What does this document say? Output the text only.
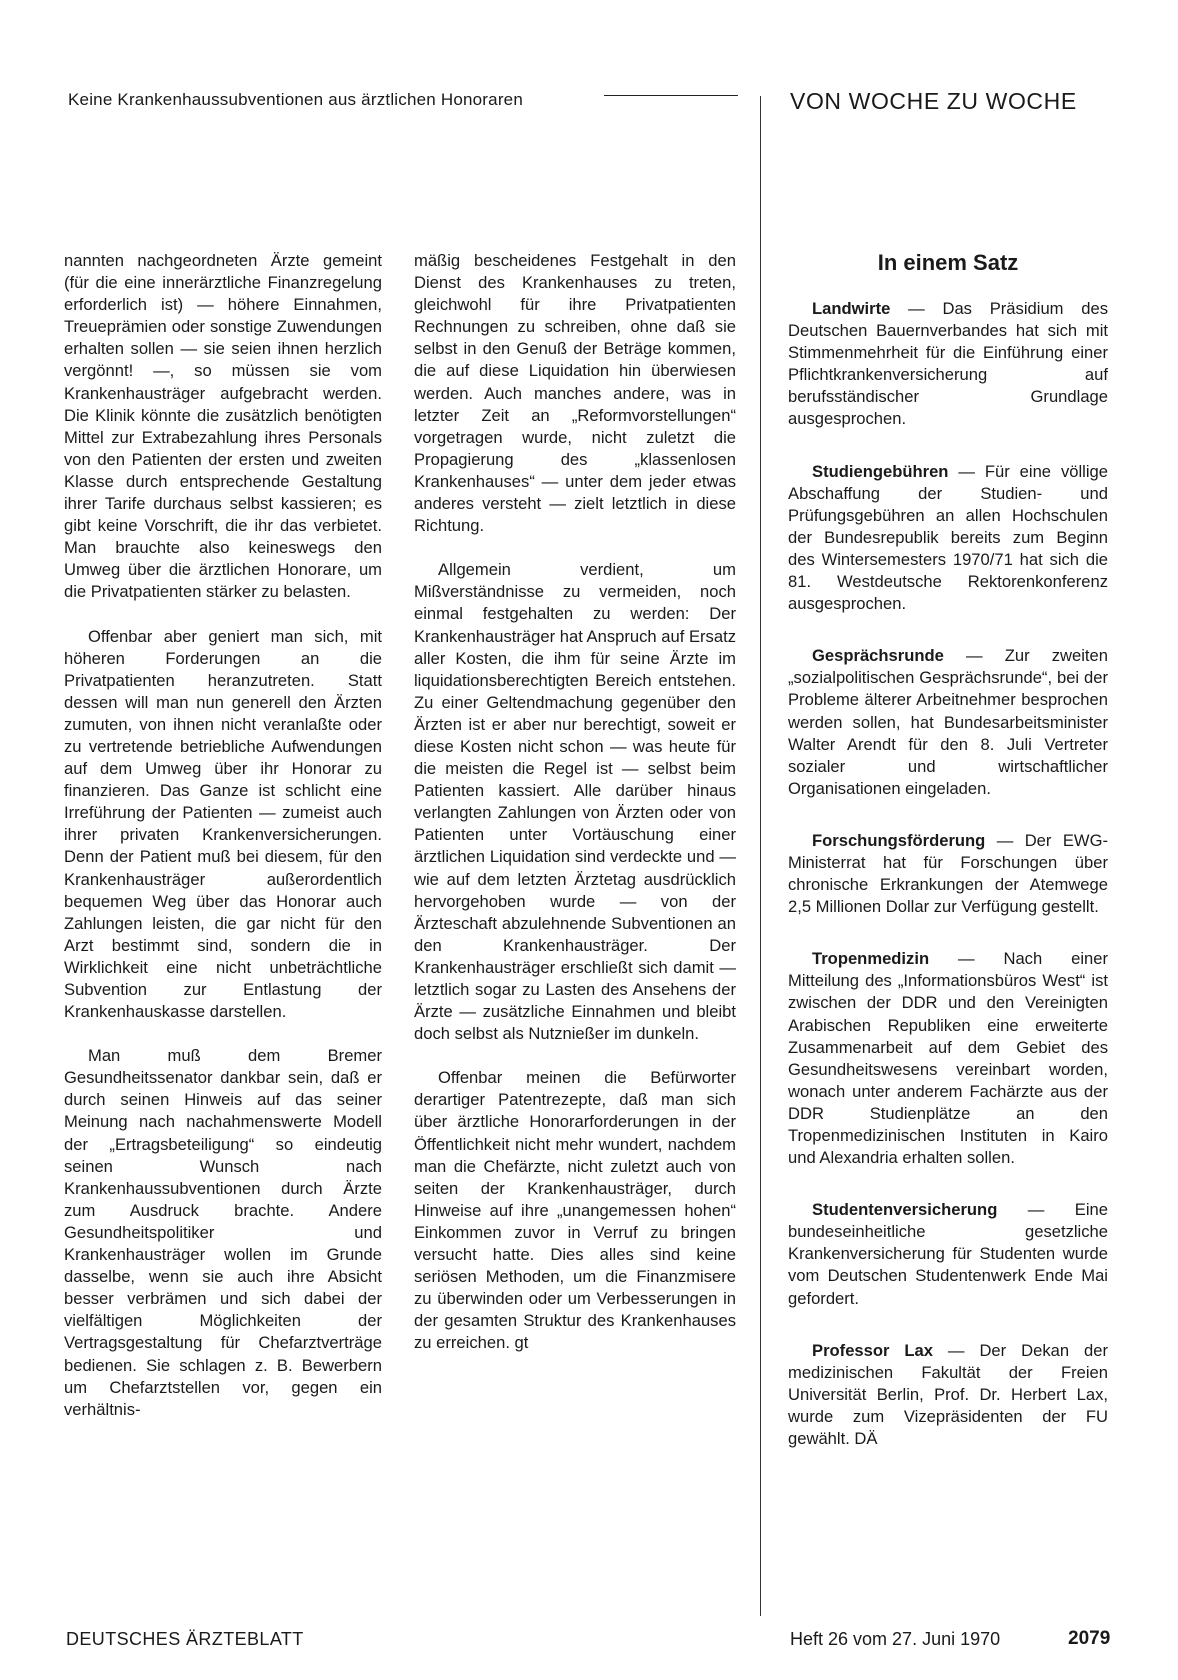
Keine Krankenhaussubventionen aus ärztlichen Honoraren	VON WOCHE ZU WOCHE

nannten nachgeordneten Ärzte gemeint (für die eine innerärztliche Finanzregelung erforderlich ist) — höhere Einnahmen, Treueprämien oder sonstige Zuwendungen erhalten sollen — sie seien ihnen herzlich vergönnt! —, so müssen sie vom Krankenhausträger aufgebracht werden. Die Klinik könnte die zusätzlich benötigten Mittel zur Extrabezahlung ihres Personals von den Patienten der ersten und zweiten Klasse durch entsprechende Gestaltung ihrer Tarife durchaus selbst kassieren; es gibt keine Vorschrift, die ihr das verbietet. Man brauchte also keineswegs den Umweg über die ärztlichen Honorare, um die Privatpatienten stärker zu belasten.

Offenbar aber geniert man sich, mit höheren Forderungen an die Privatpatienten heranzutreten. Statt dessen will man nun generell den Ärzten zumuten, von ihnen nicht veranlaßte oder zu vertretende betriebliche Aufwendungen auf dem Umweg über ihr Honorar zu finanzieren. Das Ganze ist schlicht eine Irreführung der Patienten — zumeist auch ihrer privaten Krankenversicherungen. Denn der Patient muß bei diesem, für den Krankenhausträger außerordentlich bequemen Weg über das Honorar auch Zahlungen leisten, die gar nicht für den Arzt bestimmt sind, sondern die in Wirklichkeit eine nicht unbeträchtliche Subvention zur Entlastung der Krankenhauskasse darstellen.

Man muß dem Bremer Gesundheitssenator dankbar sein, daß er durch seinen Hinweis auf das seiner Meinung nach nachahmenswerte Modell der „Ertragsbeteiligung“ so eindeutig seinen Wunsch nach Krankenhaussubventionen durch Ärzte zum Ausdruck brachte. Andere Gesundheitspolitiker und Krankenhausträger wollen im Grunde dasselbe, wenn sie auch ihre Absicht besser verbrämen und sich dabei der vielfältigen Möglichkeiten der Vertragsgestaltung für Chefarztverträge bedienen. Sie schlagen z. B. Bewerbern um Chefarztstellen vor, gegen ein verhältnis-

mäßig bescheidenes Festgehalt in den Dienst des Krankenhauses zu treten, gleichwohl für ihre Privatpatienten Rechnungen zu schreiben, ohne daß sie selbst in den Genuß der Beträge kommen, die auf diese Liquidation hin überwiesen werden. Auch manches andere, was in letzter Zeit an „Reformvorstellungen“ vorgetragen wurde, nicht zuletzt die Propagierung des „klassenlosen Krankenhauses“ — unter dem jeder etwas anderes versteht — zielt letztlich in diese Richtung.

Allgemein verdient, um Mißverständnisse zu vermeiden, noch einmal festgehalten zu werden: Der Krankenhausträger hat Anspruch auf Ersatz aller Kosten, die ihm für seine Ärzte im liquidationsberechtigten Bereich entstehen. Zu einer Geltendmachung gegenüber den Ärzten ist er aber nur berechtigt, soweit er diese Kosten nicht schon — was heute für die meisten die Regel ist — selbst beim Patienten kassiert. Alle darüber hinaus verlangten Zahlungen von Ärzten oder von Patienten unter Vortäuschung einer ärztlichen Liquidation sind verdeckte und — wie auf dem letzten Ärztetag ausdrücklich hervorgehoben wurde — von der Ärzteschaft abzulehnende Subventionen an den Krankenhausträger. Der Krankenhausträger erschließt sich damit — letztlich sogar zu Lasten des Ansehens der Ärzte — zusätzliche Einnahmen und bleibt doch selbst als Nutznießer im dunkeln.

Offenbar meinen die Befürworter derartiger Patentrezepte, daß man sich über ärztliche Honorarforderungen in der Öffentlichkeit nicht mehr wundert, nachdem man die Chefärzte, nicht zuletzt auch von seiten der Krankenhausträger, durch Hinweise auf ihre „unangemessen hohen“ Einkommen zuvor in Verruf zu bringen versucht hatte. Dies alles sind keine seriösen Methoden, um die Finanzmisere zu überwinden oder um Verbesserungen in der gesamten Struktur des Krankenhauses zu erreichen. gt

In einem Satz

Landwirte — Das Präsidium des Deutschen Bauernverbandes hat sich mit Stimmenmehrheit für die Einführung einer Pflichtkrankenversicherung auf berufsständischer Grundlage ausgesprochen.

Studiengebühren — Für eine völlige Abschaffung der Studien- und Prüfungsgebühren an allen Hochschulen der Bundesrepublik bereits zum Beginn des Wintersemesters 1970/71 hat sich die 81. Westdeutsche Rektorenkonferenz ausgesprochen.

Gesprächsrunde — Zur zweiten „sozialpolitischen Gesprächsrunde“, bei der Probleme älterer Arbeitnehmer besprochen werden sollen, hat Bundesarbeitsminister Walter Arendt für den 8. Juli Vertreter sozialer und wirtschaftlicher Organisationen eingeladen.

Forschungsförderung — Der EWG-Ministerrat hat für Forschungen über chronische Erkrankungen der Atemwege 2,5 Millionen Dollar zur Verfügung gestellt.

Tropenmedizin — Nach einer Mitteilung des „Informationsbüros West“ ist zwischen der DDR und den Vereinigten Arabischen Republiken eine erweiterte Zusammenarbeit auf dem Gebiet des Gesundheitswesens vereinbart worden, wonach unter anderem Fachärzte aus der DDR Studienplätze an den Tropenmedizinischen Instituten in Kairo und Alexandria erhalten sollen.

Studentenversicherung — Eine bundeseinheitliche gesetzliche Krankenversicherung für Studenten wurde vom Deutschen Studentenwerk Ende Mai gefordert.

Professor Lax — Der Dekan der medizinischen Fakultät der Freien Universität Berlin, Prof. Dr. Herbert Lax, wurde zum Vizepräsidenten der FU gewählt. DÄ

DEUTSCHES ÄRZTEBLATT	Heft 26 vom 27. Juni 1970	2079
